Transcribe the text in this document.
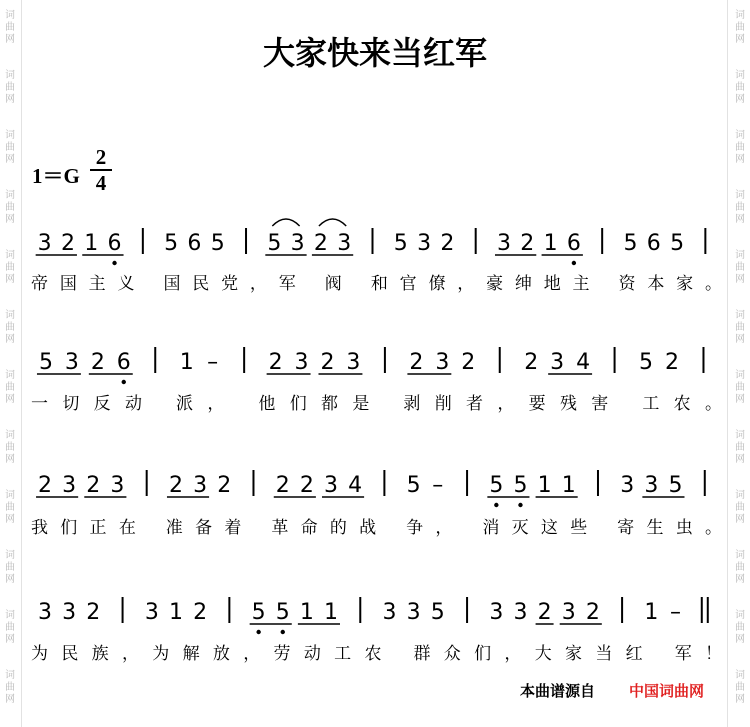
词
曲
网
词
曲
网
词
曲
网
词
曲
网
词
曲
网
词
曲
网
词
曲
网
词
曲
网
词
曲
网
词
曲
网
词
曲
网
词
曲
网
词
曲
网
词
曲
网
词
曲
网
词
曲
网
词
曲
网
词
曲
网
词
曲
网
词
曲
网
词
曲
网
词
曲
网
词
曲
网
词
曲
网
大家快来当红军
1＝G
2
4
3 2 1 6 5 6 5 5 3 2 3 5 3 2 3 2 1 6 5 6 5
帝国主义 国民党，军 阀 和官僚，豪绅地主 资本家。
5 3 2 6 1 – 2 3 2 3 2 3 2 2 3 4 5 2
一切反动 派， 他们都是 剥削者，要残害 工农。
2 3 2 3 2 3 2 2 2 3 4 5 – 5 5 1 1 3 3 5
我们正在 准备着 革命的战 争， 消灭这些 寄生虫。
3 3 2 3 1 2 5 5 1 1 3 3 5 3 3 2 3 2 1 –
为民族，为解放，劳动工农 群众们，大家当红 军！
本曲谱源自 中国词曲网
